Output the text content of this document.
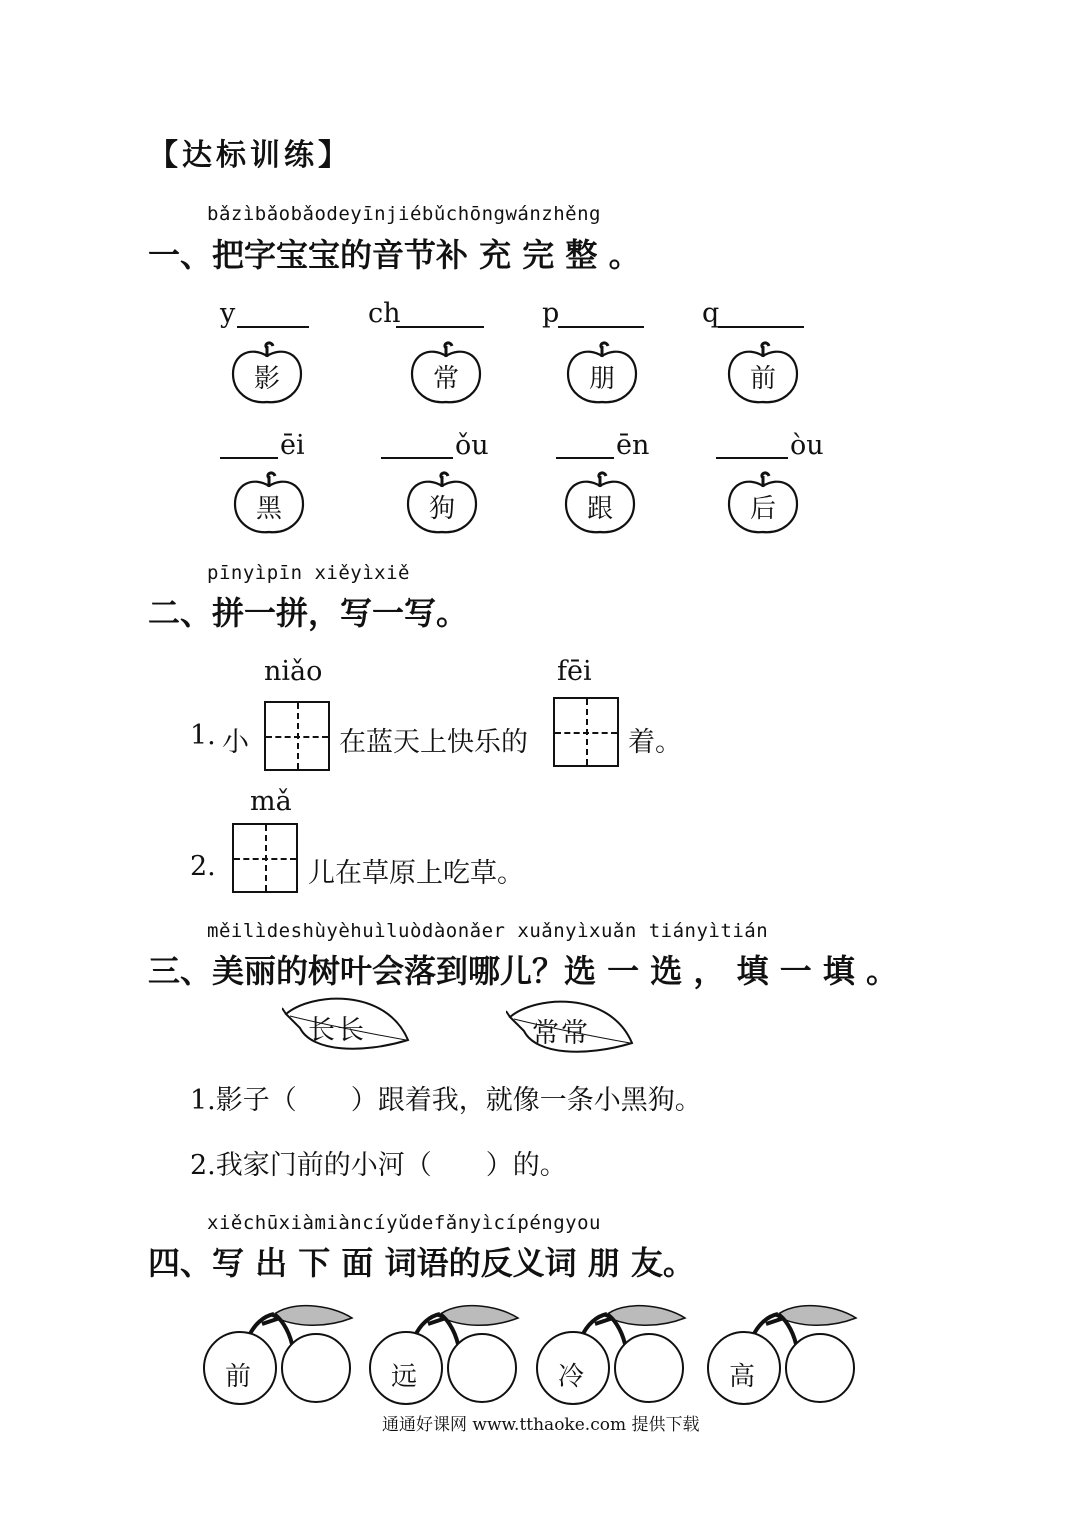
【达标训练】
bǎzìbǎobǎodeyīnjiébǔchōngwánzhěng
一、把字宝宝的音节补 充 完 整 。
y	ch	p	q
影	常	朋	前
ēi	ǒu	ēn	òu
黑	狗	跟	后
pīnyìpīn xiěyìxiě
二、拼一拼，写一写。
niǎo	fēi
1. 小	在蓝天上快乐的	着。
mǎ
2.	儿在草原上吃草。
měilìdeshùyèhuìluòdàonǎer xuǎnyìxuǎn tiányìtián
三、美丽的树叶会落到哪儿？选 一 选 ， 填 一 填 。
长长	常常
1.影子（　　）跟着我，就像一条小黑狗。
2.我家门前的小河（　　）的。
xiěchūxiàmiàncíyǔdefǎnyìcípéngyou
四、写 出 下 面 词语的反义词 朋 友。
前	远	冷	高
通通好课网 www.tthaoke.com 提供下载
